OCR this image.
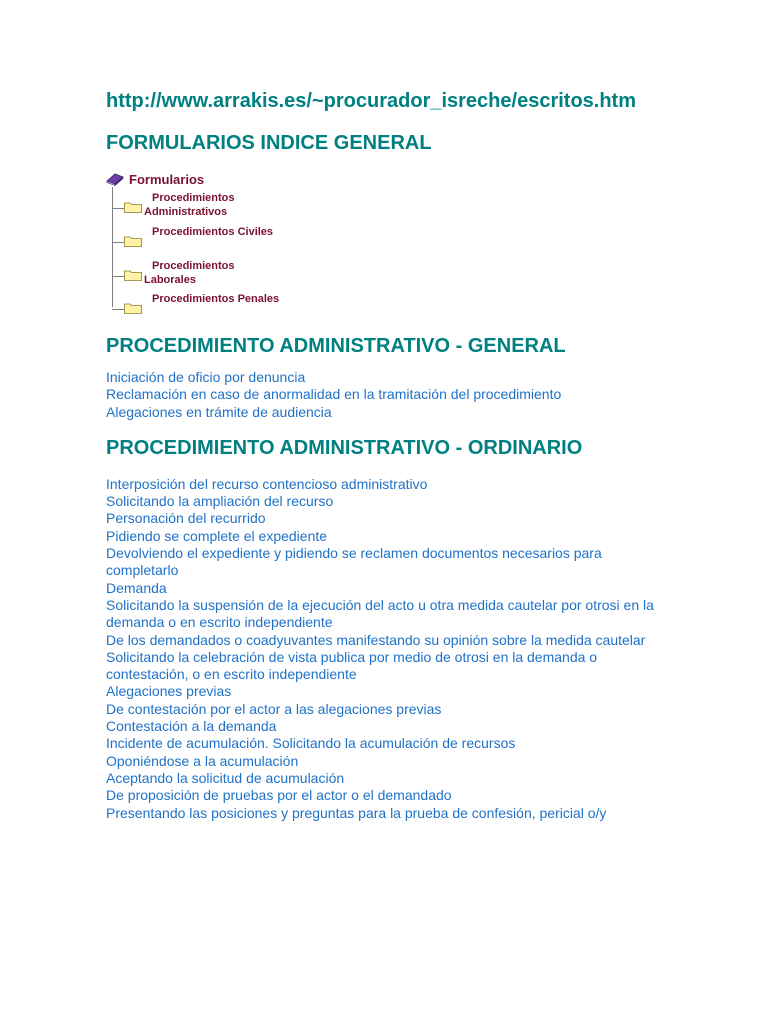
http://www.arrakis.es/~procurador_isreche/escritos.htm

FORMULARIOS INDICE GENERAL
Formularios
Procedimientos
Administrativos
Procedimientos Civiles
Procedimientos
Laborales
Procedimientos Penales
PROCEDIMIENTO ADMINISTRATIVO - GENERAL
Iniciación de oficio por denuncia
Reclamación en caso de anormalidad en la tramitación del procedimiento
Alegaciones en trámite de audiencia
PROCEDIMIENTO ADMINISTRATIVO - ORDINARIO
Interposición del recurso contencioso administrativo
Solicitando la ampliación del recurso
Personación del recurrido
Pidiendo se complete el expediente
Devolviendo el expediente y pidiendo se reclamen documentos necesarios para completarlo
Demanda
Solicitando la suspensión de la ejecución del acto u otra medida cautelar por otrosi en la demanda o en escrito independiente
De los demandados o coadyuvantes manifestando su opinión sobre la medida cautelar
Solicitando la celebración de vista publica por medio de otrosi en la demanda o contestación, o en escrito independiente
Alegaciones previas
De contestación por el actor a las alegaciones previas
Contestación a la demanda
Incidente de acumulación. Solicitando la acumulación de recursos
Oponiéndose a la acumulación
Aceptando la solicitud de acumulación
De proposición de pruebas por el actor o el demandado
Presentando las posiciones y preguntas para la prueba de confesión, pericial o/y
